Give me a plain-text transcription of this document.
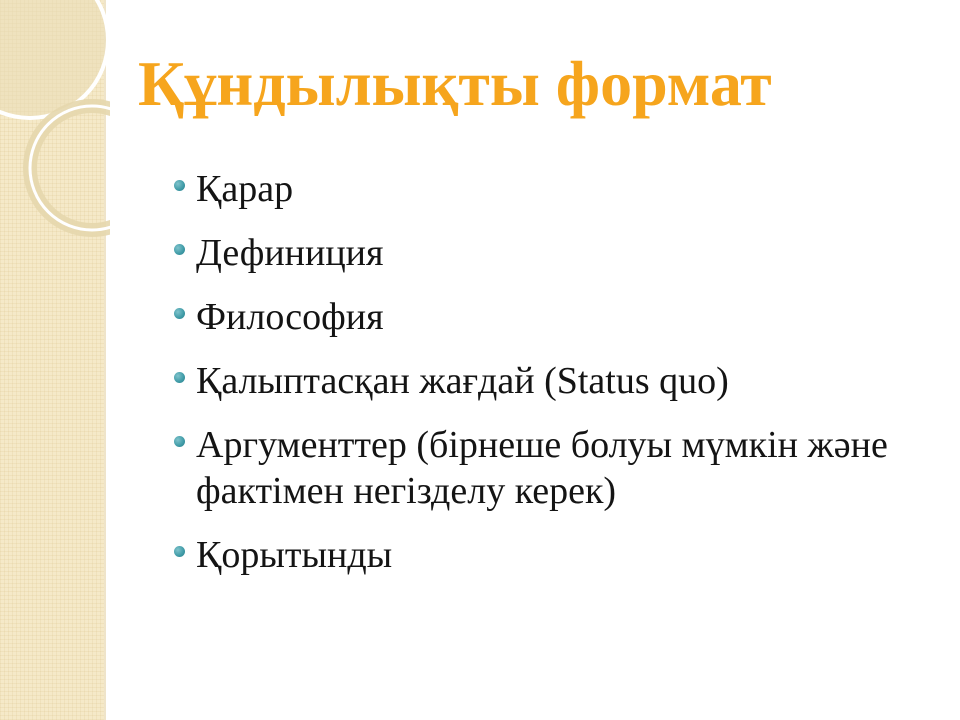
Құндылықты формат
Қарар
Дефиниция
Философия
Қалыптасқан жағдай (Status quo)
Аргументтер (бірнеше болуы мүмкін және фактімен негізделу керек)
Қорытынды
